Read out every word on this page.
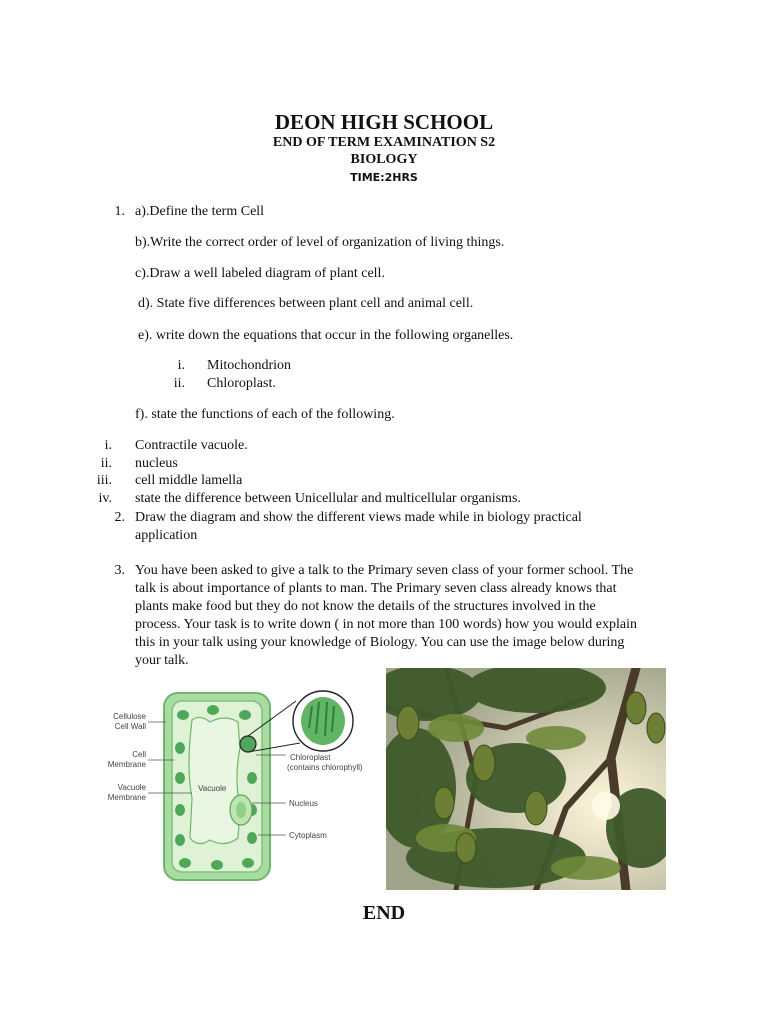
DEON HIGH SCHOOL
END OF TERM EXAMINATION S2
BIOLOGY
TIME:2HRS
1. a).Define the term Cell
b).Write the correct order of level of organization of living things.
c).Draw a well labeled diagram of plant cell.
d). State five differences between plant cell and animal cell.
e). write down the equations that occur in the following organelles.
i. Mitochondrion
ii. Chloroplast.
f). state the functions of each of the following.
i. Contractile vacuole.
ii. nucleus
iii. cell middle lamella
iv. state the difference between Unicellular and multicellular organisms.
2. Draw the diagram and show the different views made while in biology practical
application
3. You have been asked to give a talk to the Primary seven class of your former school. The
talk is about importance of plants to man. The Primary seven class already knows that
plants make food but they do not know the details of the structures involved in the
process. Your task is to write down ( in not more than 100 words) how you would explain
this in your talk using your knowledge of Biology. You can use the image below during
your talk.
Cellulose
Cell Wall
Cell
Membrane
Vacuole
Membrane
Vacuole
Chloroplast
(contains chlorophyll)
Nucleus
Cytoplasm
END
